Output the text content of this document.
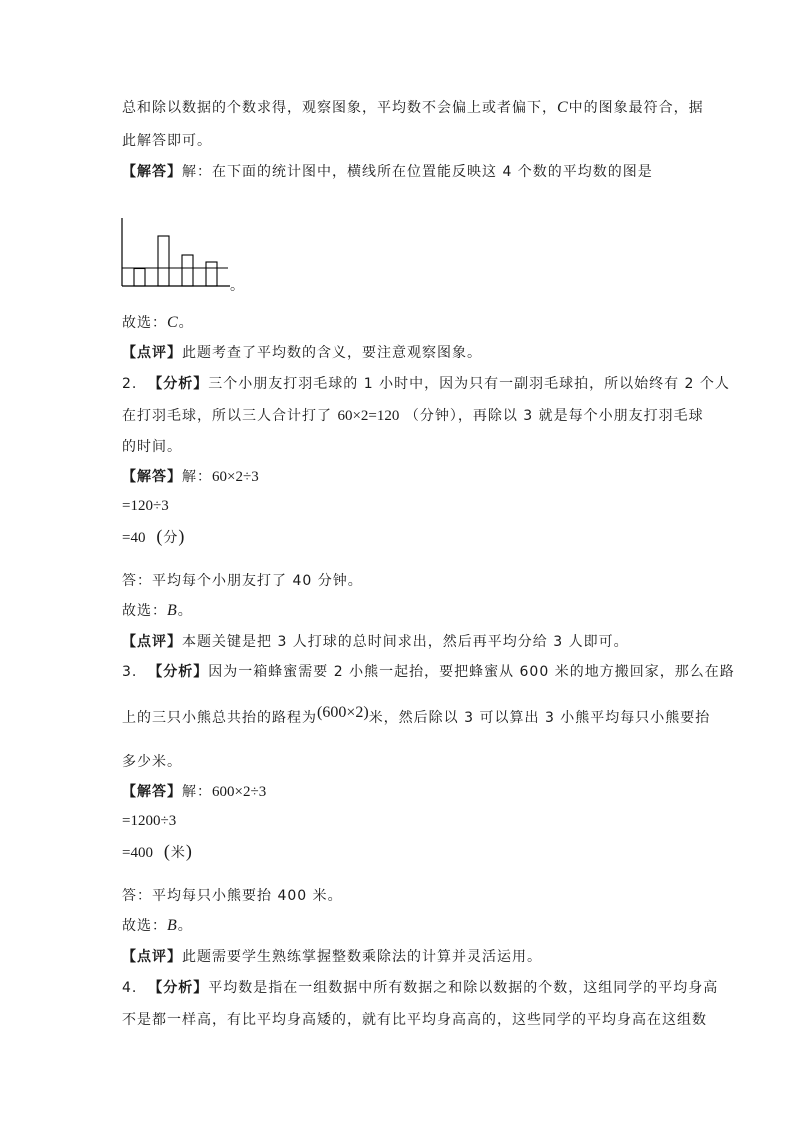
总和除以数据的个数求得，观察图象，平均数不会偏上或者偏下，C中的图象最符合，据
此解答即可。
【解答】解：在下面的统计图中，横线所在位置能反映这 4 个数的平均数的图是
。
故选：C。
【点评】此题考查了平均数的含义，要注意观察图象。
2. 【分析】三个小朋友打羽毛球的 1 小时中，因为只有一副羽毛球拍，所以始终有 2 个人
在打羽毛球，所以三人合计打了 60×2=120 （分钟），再除以 3 就是每个小朋友打羽毛球
的时间。
【解答】解：60×2÷3
=120÷3
=40 (分)
答：平均每个小朋友打了 40 分钟。
故选：B。
【点评】本题关键是把 3 人打球的总时间求出，然后再平均分给 3 人即可。
3. 【分析】因为一箱蜂蜜需要 2 小熊一起抬，要把蜂蜜从 600 米的地方搬回家，那么在路
上的三只小熊总共抬的路程为(600×2)米，然后除以 3 可以算出 3 小熊平均每只小熊要抬
多少米。
【解答】解：600×2÷3
=1200÷3
=400 (米)
答：平均每只小熊要抬 400 米。
故选：B。
【点评】此题需要学生熟练掌握整数乘除法的计算并灵活运用。
4. 【分析】平均数是指在一组数据中所有数据之和除以数据的个数，这组同学的平均身高
不是都一样高，有比平均身高矮的，就有比平均身高高的，这些同学的平均身高在这组数
